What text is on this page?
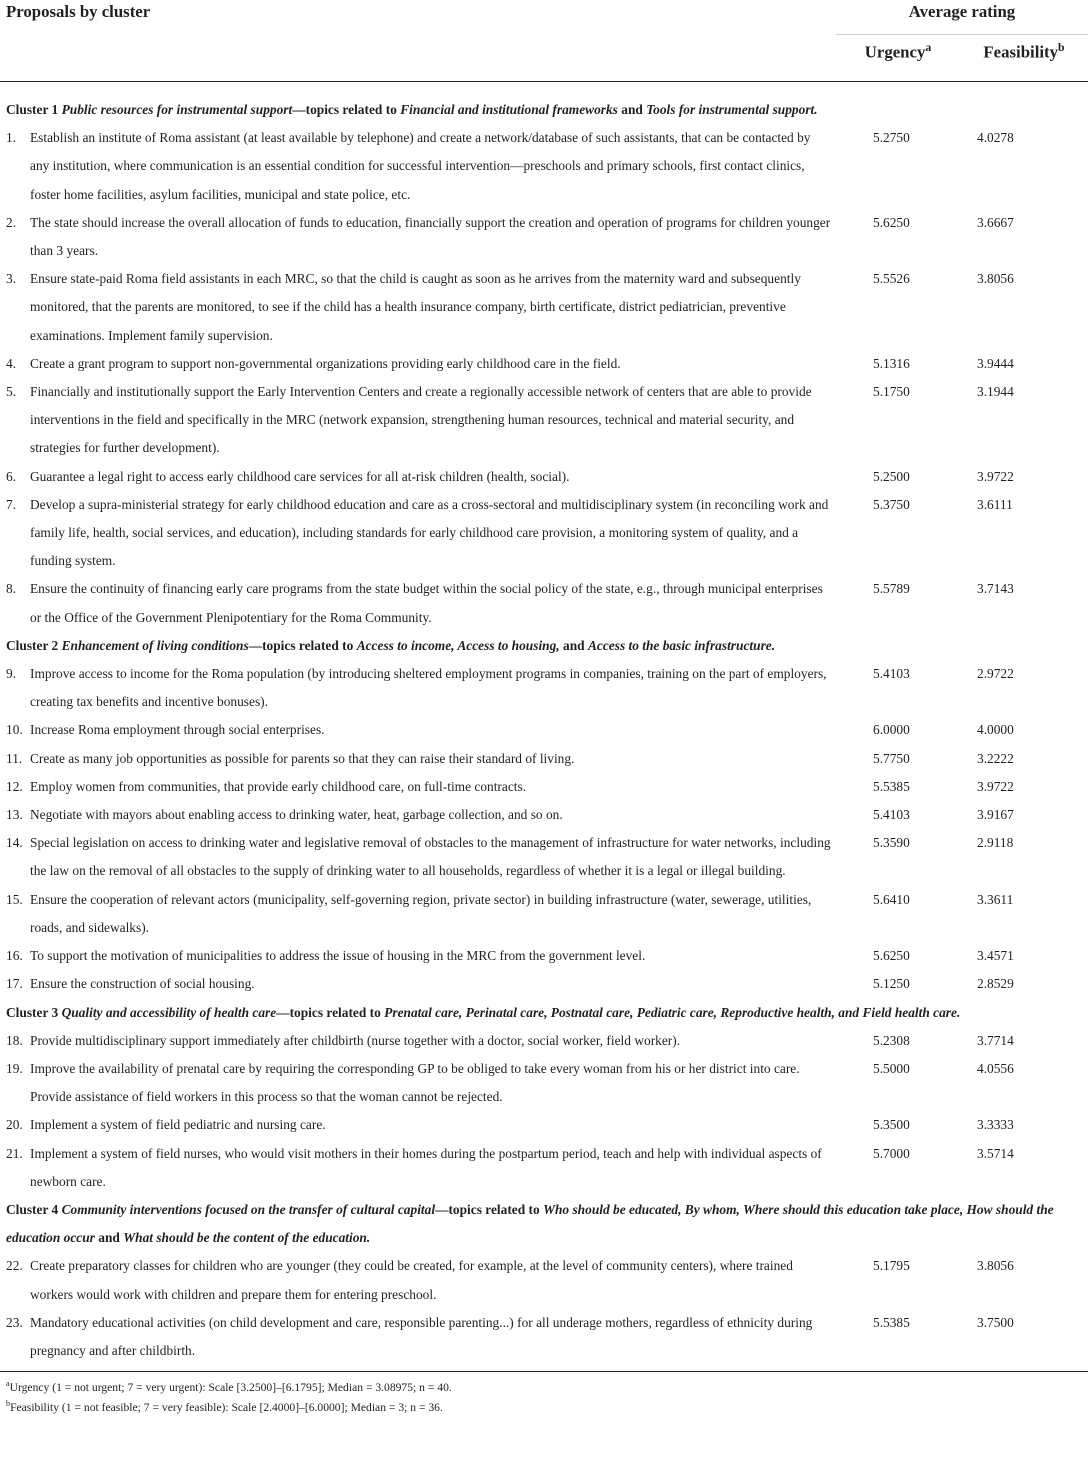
Proposals by cluster	Average rating	
	Urgency$^a$	Feasibility$^b$

Cluster 1 Public resources for instrumental support—topics related to Financial and institutional frameworks and Tools for instrumental support.		

1. Establish an institute of Roma assistant (at least available by telephone) and create a network/database of such assistants, that can be contacted by any institution, where communication is an essential condition for successful intervention—preschools and primary schools, first contact clinics, foster home facilities, asylum facilities, municipal and state police, etc.	5.2750	4.0278

2. The state should increase the overall allocation of funds to education, financially support the creation and operation of programs for children younger than 3 years.	5.6250	3.6667

3. Ensure state-paid Roma field assistants in each MRC, so that the child is caught as soon as he arrives from the maternity ward and subsequently monitored, that the parents are monitored, to see if the child has a health insurance company, birth certificate, district pediatrician, preventive examinations. Implement family supervision.	5.5526	3.8056

4. Create a grant program to support non-governmental organizations providing early childhood care in the field.	5.1316	3.9444

5. Financially and institutionally support the Early Intervention Centers and create a regionally accessible network of centers that are able to provide interventions in the field and specifically in the MRC (network expansion, strengthening human resources, technical and material security, and strategies for further development).	5.1750	3.1944

6. Guarantee a legal right to access early childhood care services for all at-risk children (health, social).	5.2500	3.9722

7. Develop a supra-ministerial strategy for early childhood education and care as a cross-sectoral and multidisciplinary system (in reconciling work and family life, health, social services, and education), including standards for early childhood care provision, a monitoring system of quality, and a funding system.	5.3750	3.6111

8. Ensure the continuity of financing early care programs from the state budget within the social policy of the state, e.g., through municipal enterprises or the Office of the Government Plenipotentiary for the Roma Community.	5.5789	3.7143
Cluster 2 Enhancement of living conditions—topics related to Access to income, Access to housing, and Access to the basic infrastructure.		

9. Improve access to income for the Roma population (by introducing sheltered employment programs in companies, training on the part of employers, creating tax benefits and incentive bonuses).	5.4103	2.9722

10. Increase Roma employment through social enterprises.	6.0000	4.0000

11. Create as many job opportunities as possible for parents so that they can raise their standard of living.	5.7750	3.2222

12. Employ women from communities, that provide early childhood care, on full-time contracts.	5.5385	3.9722

13. Negotiate with mayors about enabling access to drinking water, heat, garbage collection, and so on.	5.4103	3.9167

14. Special legislation on access to drinking water and legislative removal of obstacles to the management of infrastructure for water networks, including the law on the removal of all obstacles to the supply of drinking water to all households, regardless of whether it is a legal or illegal building.	5.3590	2.9118

15. Ensure the cooperation of relevant actors (municipality, self-governing region, private sector) in building infrastructure (water, sewerage, utilities, roads, and sidewalks).	5.6410	3.3611

16. To support the motivation of municipalities to address the issue of housing in the MRC from the government level.	5.6250	3.4571

17. Ensure the construction of social housing.	5.1250	2.8529
Cluster 3 Quality and accessibility of health care—topics related to Prenatal care, Perinatal care, Postnatal care, Pediatric care, Reproductive health, and Field health care.		

18. Provide multidisciplinary support immediately after childbirth (nurse together with a doctor, social worker, field worker).	5.2308	3.7714

19. Improve the availability of prenatal care by requiring the corresponding GP to be obliged to take every woman from his or her district into care. Provide assistance of field workers in this process so that the woman cannot be rejected.	5.5000	4.0556

20. Implement a system of field pediatric and nursing care.	5.3500	3.3333

21. Implement a system of field nurses, who would visit mothers in their homes during the postpartum period, teach and help with individual aspects of newborn care.	5.7000	3.5714
Cluster 4 Community interventions focused on the transfer of cultural capital—topics related to Who should be educated, By whom, Where should this education take place, How should the education occur and What should be the content of the education.		

22. Create preparatory classes for children who are younger (they could be created, for example, at the level of community centers), where trained workers would work with children and prepare them for entering preschool.	5.1795	3.8056

23. Mandatory educational activities (on child development and care, responsible parenting...) for all underage mothers, regardless of ethnicity during pregnancy and after childbirth.	5.5385	3.7500
$^a$Urgency (1 = not urgent; 7 = very urgent): Scale [3.2500]–[6.1795]; Median = 3.08975; n = 40.
$^b$Feasibility (1 = not feasible; 7 = very feasible): Scale [2.4000]–[6.0000]; Median = 3; n = 36.
